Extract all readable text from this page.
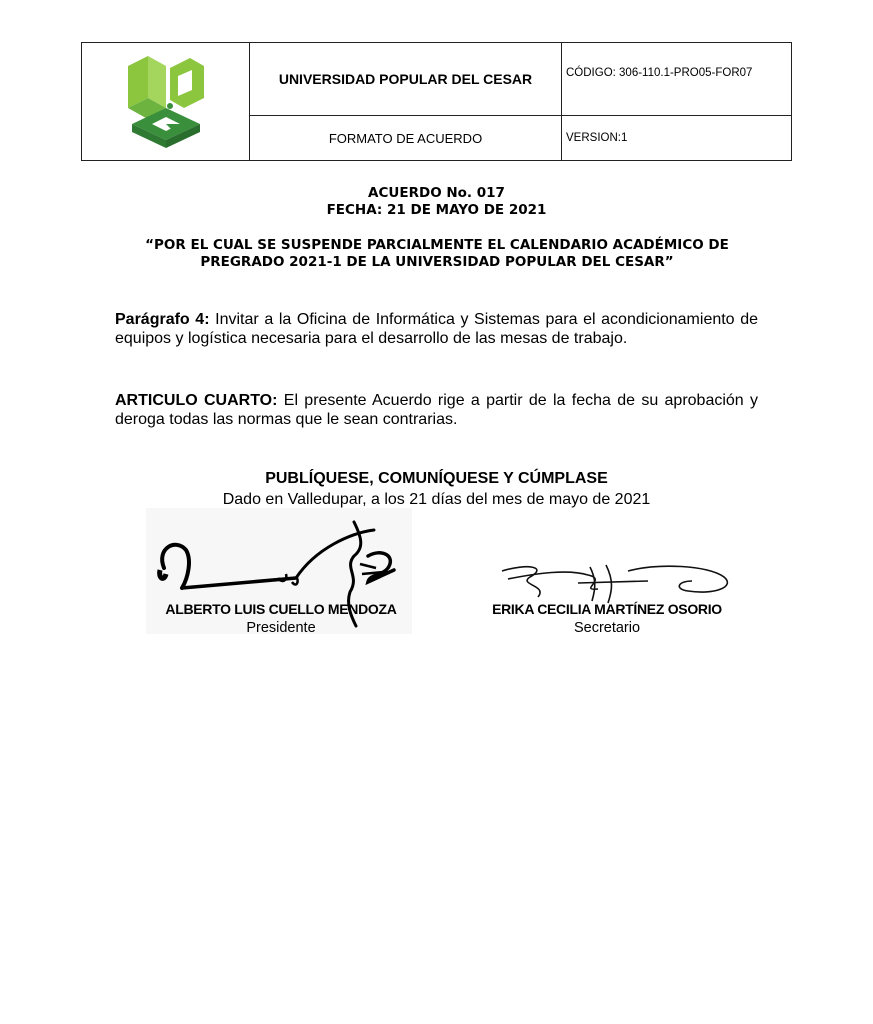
UNIVERSIDAD POPULAR DEL CESAR
FORMATO DE ACUERDO
CÓDIGO: 306-110.1-PRO05-FOR07
VERSION:1
ACUERDO No. 017
FECHA: 21 DE MAYO DE 2021
“POR EL CUAL SE SUSPENDE PARCIALMENTE EL CALENDARIO ACADÉMICO DE
PREGRADO 2021-1 DE LA UNIVERSIDAD POPULAR DEL CESAR”
Parágrafo 4: Invitar a la Oficina de Informática y Sistemas para el acondicionamiento de equipos y logística necesaria para el desarrollo de las mesas de trabajo.
ARTICULO CUARTO: El presente Acuerdo rige a partir de la fecha de su aprobación y deroga todas las normas que le sean contrarias.
PUBLÍQUESE, COMUNÍQUESE Y CÚMPLASE
Dado en Valledupar, a los 21 días del mes de mayo de 2021
ALBERTO LUIS CUELLO MENDOZA
Presidente
ERIKA CECILIA MARTÍNEZ OSORIO
Secretario
